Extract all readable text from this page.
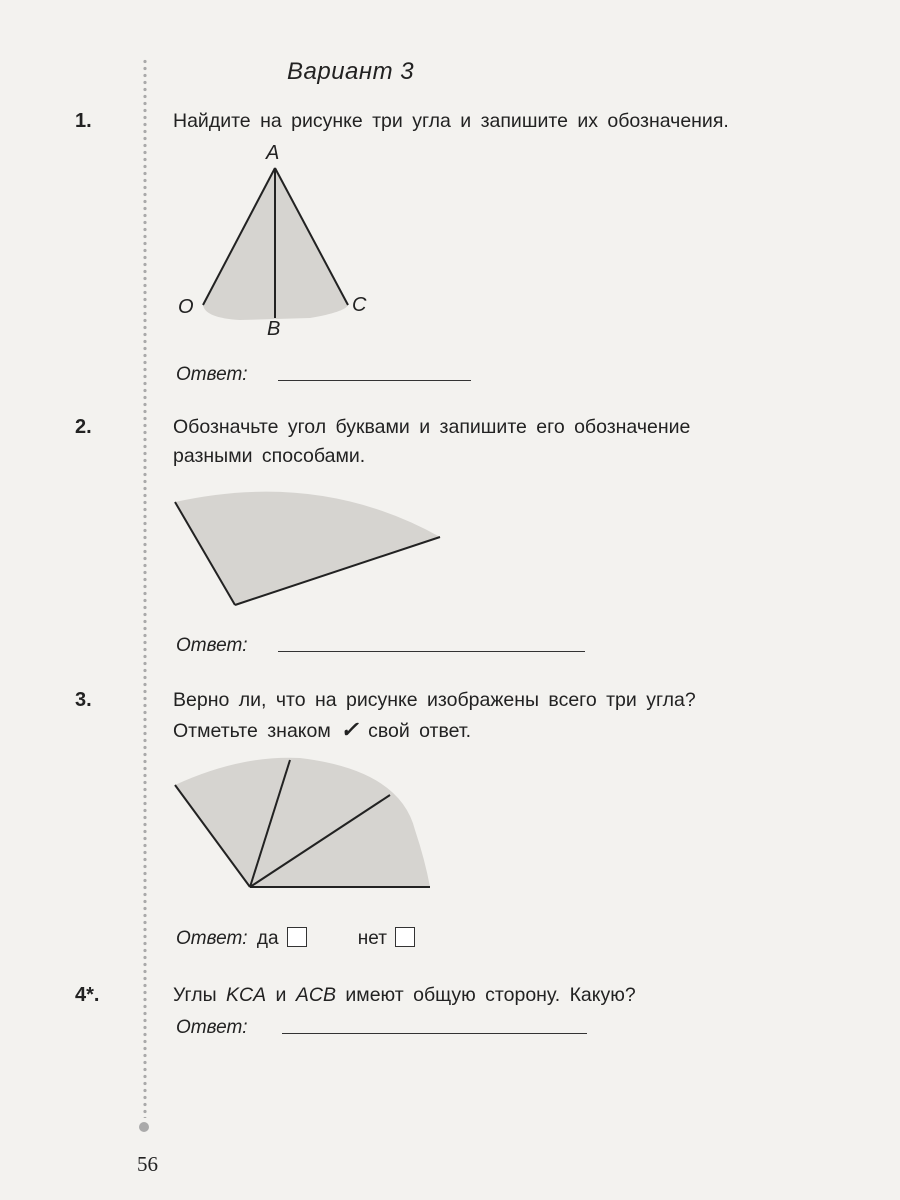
Вариант 3
1.	Найдите на рисунке три угла и запишите их обозначения.
A
O	C
B
Ответ:
2.	Обозначьте угол буквами и запишите его обозначение
разными способами.
Ответ:
3.	Верно ли, что на рисунке изображены всего три угла?
Отметьте знаком ✓ свой ответ.
Ответ: да	нет
4*.	Углы KCA и ACB имеют общую сторону. Какую?
Ответ:
56
